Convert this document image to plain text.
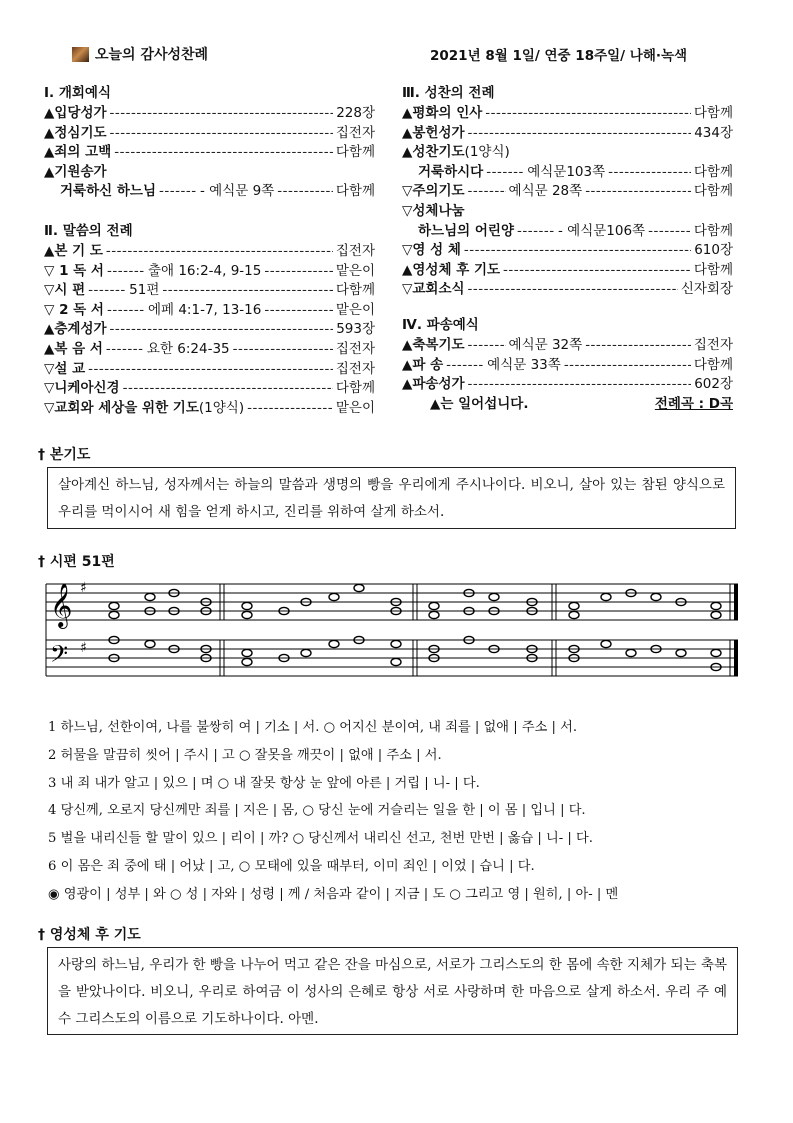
오늘의 감사성찬례	2021년 8월 1일/ 연중 18주일/ 나해·녹색
Ⅰ. 개회예식
▲입당성가 -----	228장
▲정심기도 -----	집전자
▲죄의 고백 -----	다함께
▲기원송가
거룩하신 하느님 -----	- 예식문 9쪽 -----	다함께
Ⅱ. 말씀의 전례
▲본 기 도 -----	집전자
▽ 1 독 서 -----	출애 16:2-4, 9-15 -----	맡은이
▽시 편 -----	51편 -----	다함께
▽ 2 독 서 -----	에페 4:1-7, 13-16 -----	맡은이
▲층계성가 -----	593장
▲복 음 서 -----	요한 6:24-35 -----	집전자
▽설 교 -----	집전자
▽니케아신경 -----	다함께
▽교회와 세상을 위한 기도 (1양식) -----	맡은이
Ⅲ. 성찬의 전례
▲평화의 인사 -----	다함께
▲봉헌성가 -----	434장
▲성찬기도 (1양식)
거룩하시다 -----	예식문103쪽 -----	다함께
▽주의기도 -----	예식문 28쪽 -----	다함께
▽성체나눔
하느님의 어린양 -----	- 예식문106쪽 -----	다함께
▽영 성 체 -----	610장
▲영성체 후 기도 -----	다함께
▽교회소식 -----	신자회장
Ⅳ. 파송예식
▲축복기도 -----	예식문 32쪽 -----	집전자
▲파 송 -----	예식문 33쪽 -----	다함께
▲파송성가 -----	602장
▲는 일어섭니다.	전례곡 : D곡
† 본기도
살아계신 하느님, 성자께서는 하늘의 말씀과 생명의 빵을 우리에게 주시나이다. 비오니, 살아 있는 참된 양식으로 우리를 먹이시어 새 힘을 얻게 하시고, 진리를 위하여 살게 하소서.
† 시편 51편
𝄞
𝄢
♯
♯
1 하느님, 선한이여, 나를 불쌍히 여 | 기소 | 서. ○ 어지신 분이여, 내 죄를 | 없애 | 주소 | 서.
2 허물을 말끔히 씻어 | 주시 | 고 ○ 잘못을 깨끗이 | 없애 | 주소 | 서.
3 내 죄 내가 알고 | 있으 | 며 ○ 내 잘못 항상 눈 앞에 아른 | 거립 | 니- | 다.
4 당신께, 오로지 당신께만 죄를 | 지은 | 몸, ○ 당신 눈에 거슬리는 일을 한 | 이 몸 | 입니 | 다.
5 벌을 내리신들 할 말이 있으 | 리이 | 까? ○ 당신께서 내리신 선고, 천번 만번 | 옳습 | 니- | 다.
6 이 몸은 죄 중에 태 | 어났 | 고, ○ 모태에 있을 때부터, 이미 죄인 | 이었 | 습니 | 다.
◉ 영광이 | 성부 | 와 ○ 성 | 자와 | 성령 | 께 / 처음과 같이 | 지금 | 도 ○ 그리고 영 | 원히, | 아- | 멘
† 영성체 후 기도
사랑의 하느님, 우리가 한 빵을 나누어 먹고 같은 잔을 마심으로, 서로가 그리스도의 한 몸에 속한 지체가 되는 축복을 받았나이다. 비오니, 우리로 하여금 이 성사의 은혜로 항상 서로 사랑하며 한 마음으로 살게 하소서. 우리 주 예수 그리스도의 이름으로 기도하나이다. 아멘.
